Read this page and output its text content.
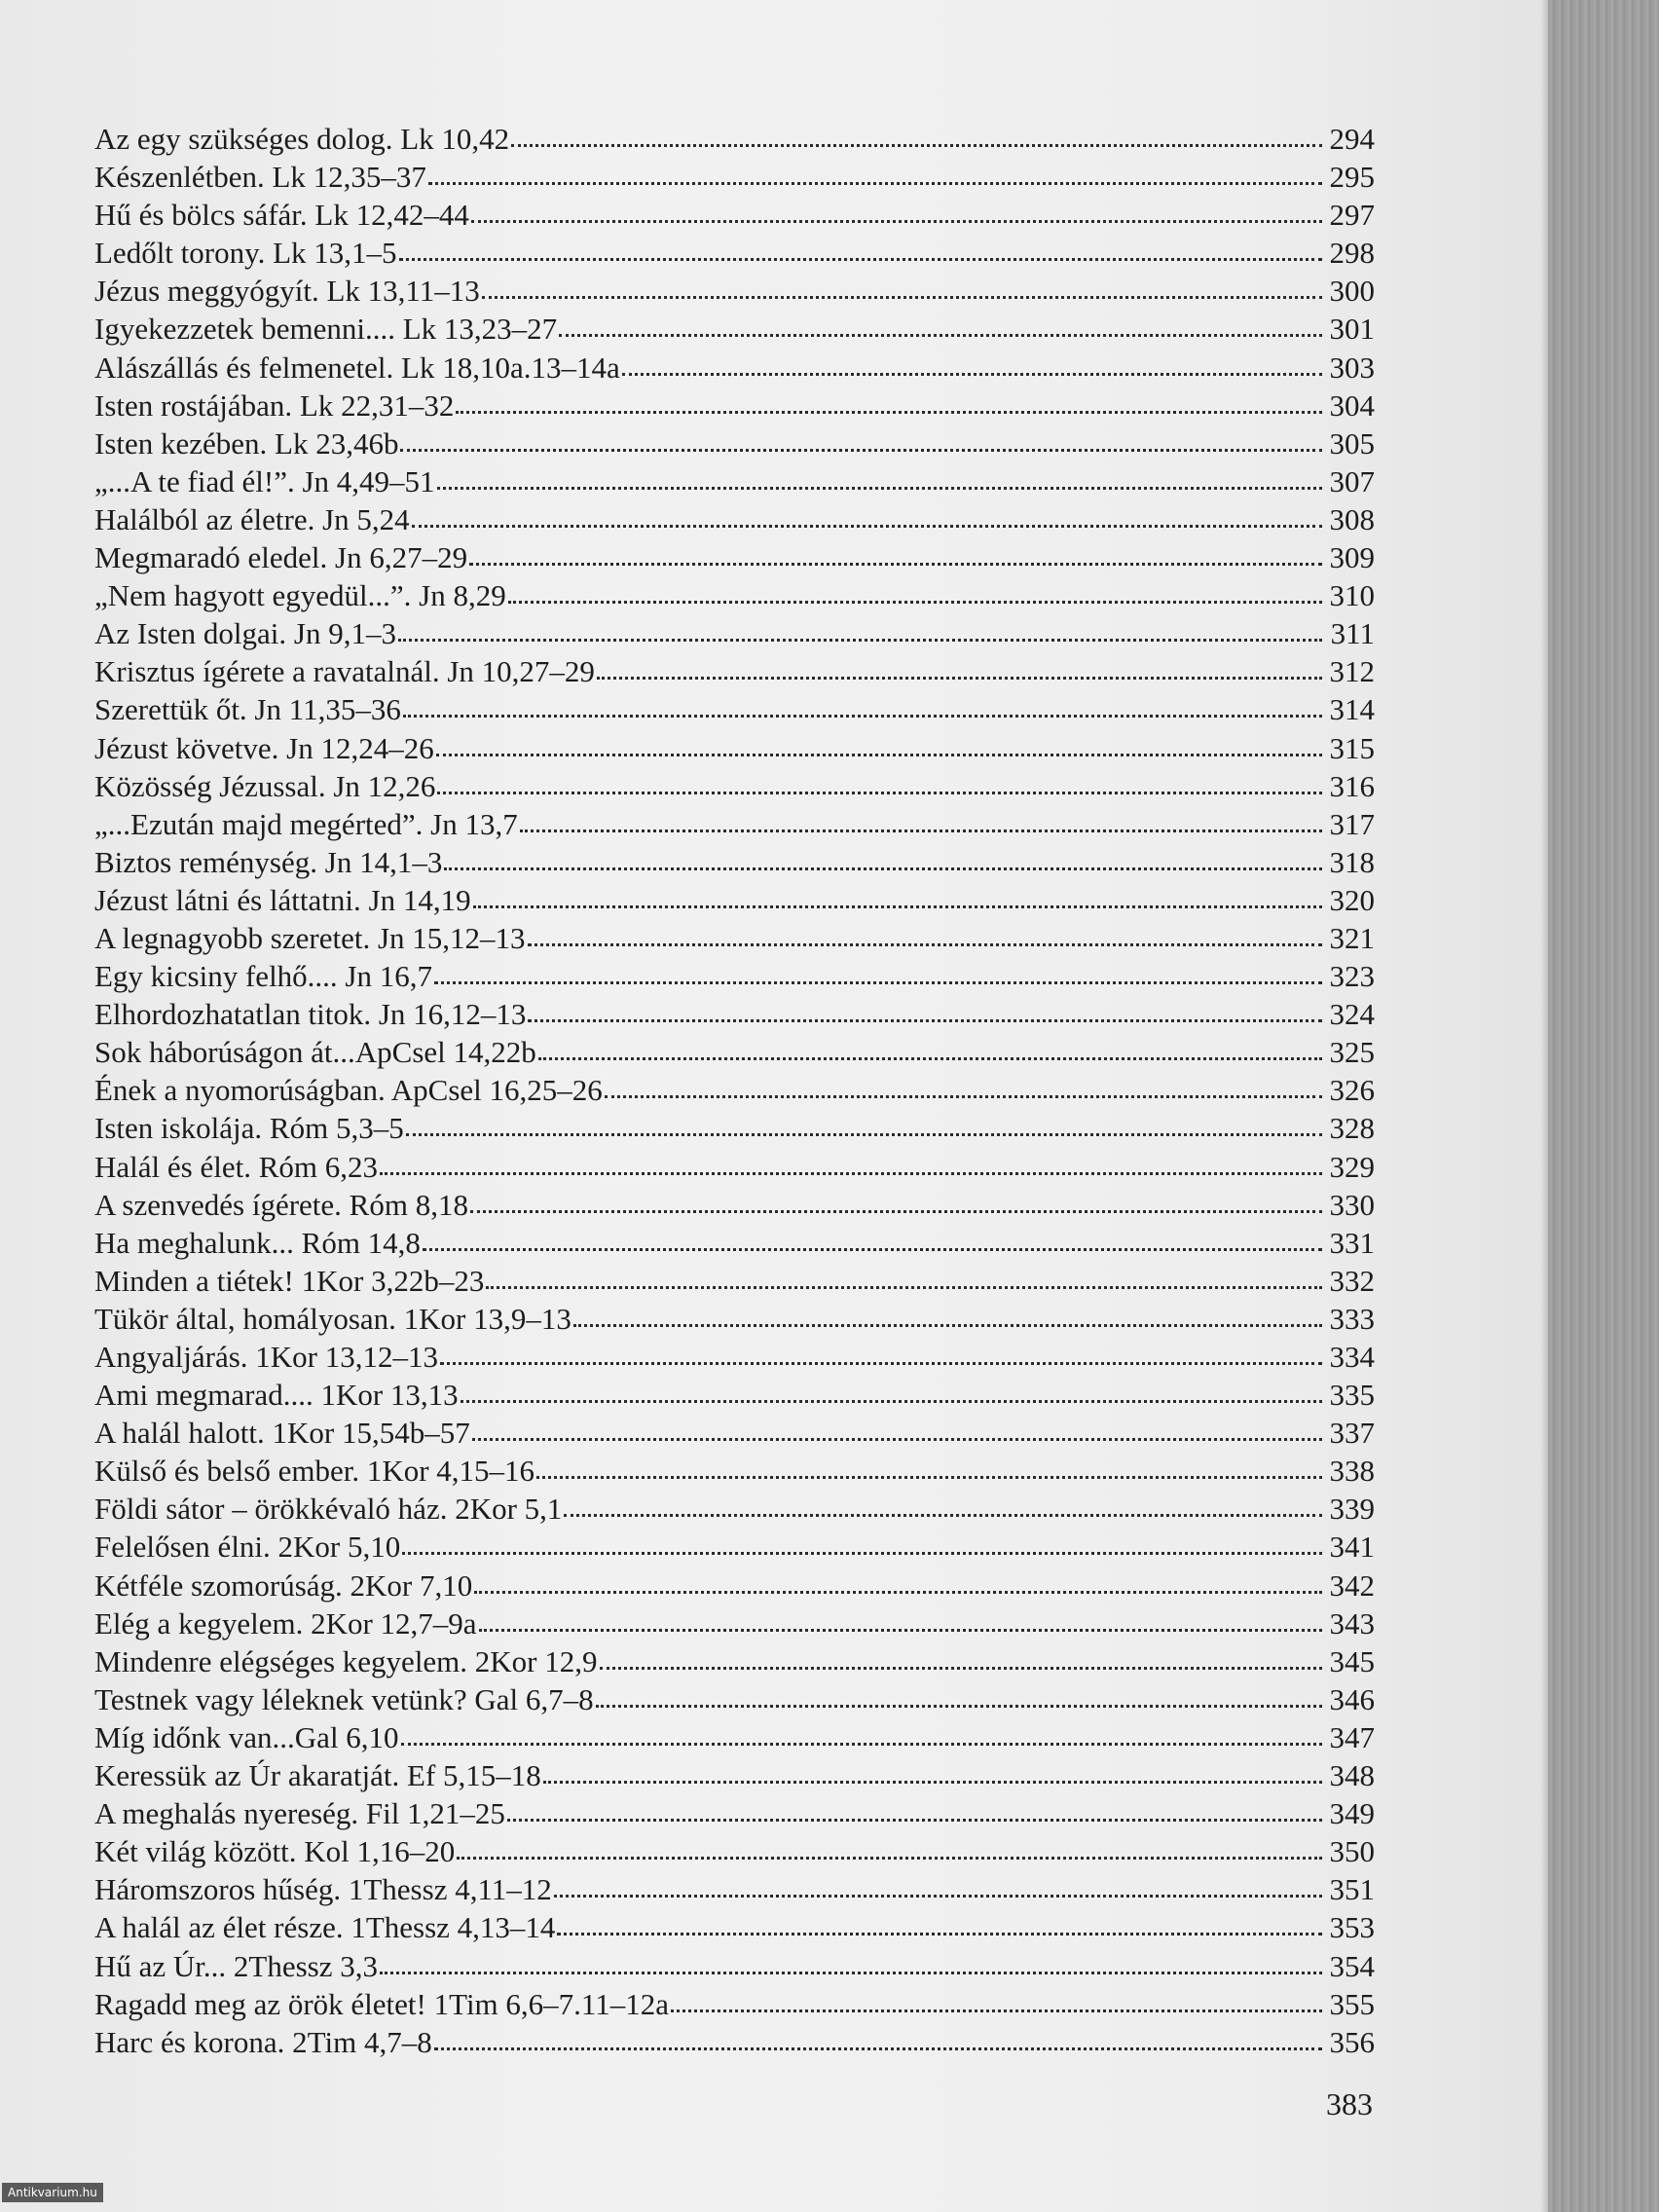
Az egy szükséges dolog. Lk 10,42	294
Készenlétben. Lk 12,35–37	295
Hű és bölcs sáfár. Lk 12,42–44	297
Ledőlt torony. Lk 13,1–5	298
Jézus meggyógyít. Lk 13,11–13	300
Igyekezzetek bemenni.... Lk 13,23–27	301
Alászállás és felmenetel. Lk 18,10a.13–14a	303
Isten rostájában. Lk 22,31–32	304
Isten kezében. Lk 23,46b	305
„...A te fiad él!”. Jn 4,49–51	307
Halálból az életre. Jn 5,24	308
Megmaradó eledel. Jn 6,27–29	309
„Nem hagyott egyedül...”. Jn 8,29	310
Az Isten dolgai. Jn 9,1–3	311
Krisztus ígérete a ravatalnál. Jn 10,27–29	312
Szerettük őt. Jn 11,35–36	314
Jézust követve. Jn 12,24–26	315
Közösség Jézussal. Jn 12,26	316
„...Ezután majd megérted”. Jn 13,7	317
Biztos reménység. Jn 14,1–3	318
Jézust látni és láttatni. Jn 14,19	320
A legnagyobb szeretet. Jn 15,12–13	321
Egy kicsiny felhő.... Jn 16,7	323
Elhordozhatatlan titok. Jn 16,12–13	324
Sok háborúságon át...ApCsel 14,22b	325
Ének a nyomorúságban. ApCsel 16,25–26	326
Isten iskolája. Róm 5,3–5	328
Halál és élet. Róm 6,23	329
A szenvedés ígérete. Róm 8,18	330
Ha meghalunk... Róm 14,8	331
Minden a tiétek! 1Kor 3,22b–23	332
Tükör által, homályosan. 1Kor 13,9–13	333
Angyaljárás. 1Kor 13,12–13	334
Ami megmarad.... 1Kor 13,13	335
A halál halott. 1Kor 15,54b–57	337
Külső és belső ember. 1Kor 4,15–16	338
Földi sátor – örökkévaló ház. 2Kor 5,1	339
Felelősen élni. 2Kor 5,10	341
Kétféle szomorúság. 2Kor 7,10	342
Elég a kegyelem. 2Kor 12,7–9a	343
Mindenre elégséges kegyelem. 2Kor 12,9	345
Testnek vagy léleknek vetünk? Gal 6,7–8	346
Míg időnk van...Gal 6,10	347
Keressük az Úr akaratját. Ef 5,15–18	348
A meghalás nyereség. Fil 1,21–25	349
Két világ között. Kol 1,16–20	350
Háromszoros hűség. 1Thessz 4,11–12	351
A halál az élet része. 1Thessz 4,13–14	353
Hű az Úr... 2Thessz 3,3	354
Ragadd meg az örök életet! 1Tim 6,6–7.11–12a	355
Harc és korona. 2Tim 4,7–8	356
383
Antikvarium.hu
